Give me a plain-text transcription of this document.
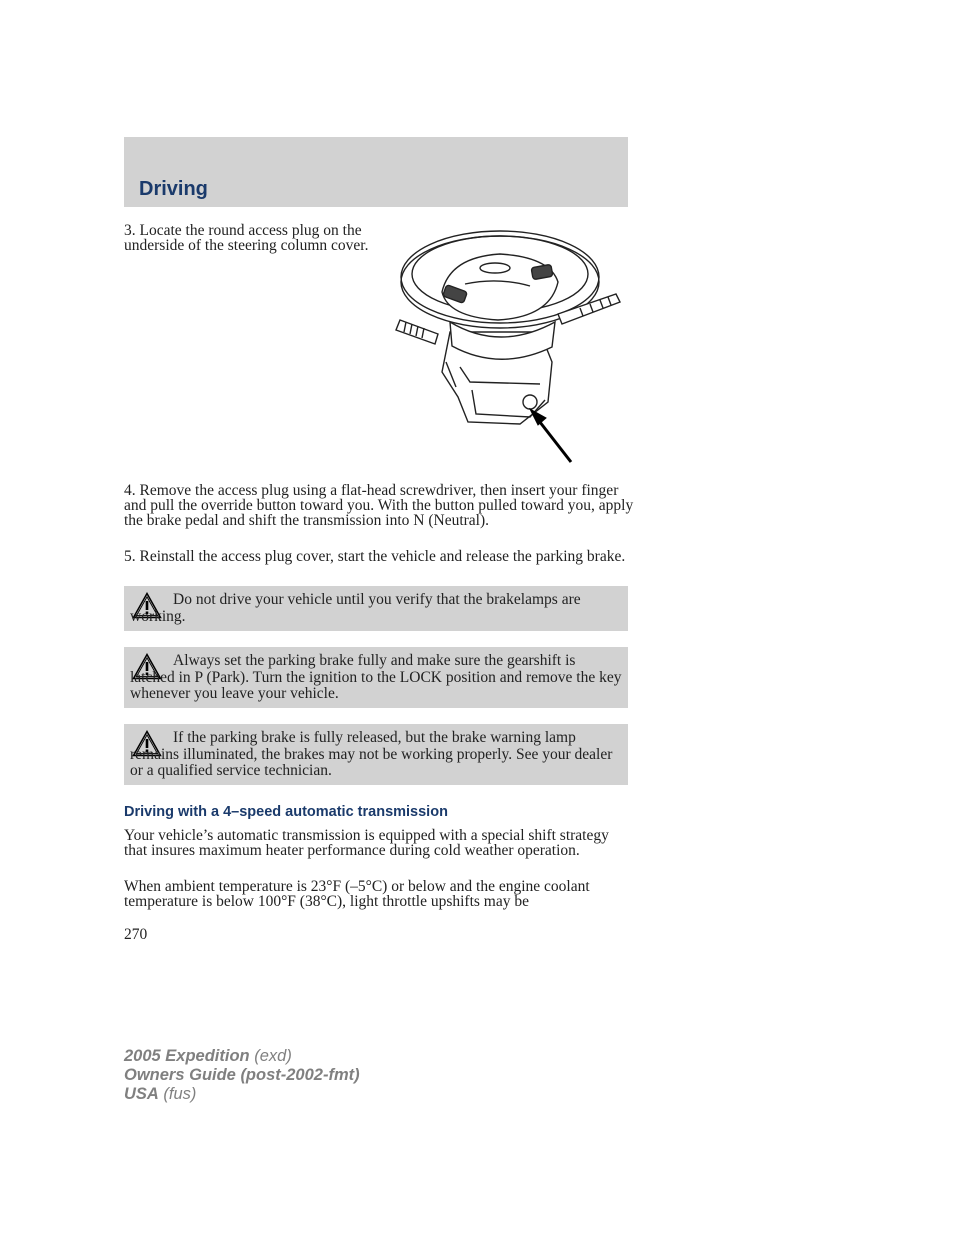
Driving
3. Locate the round access plug on the underside of the steering column cover.
4. Remove the access plug using a flat-head screwdriver, then insert your finger and pull the override button toward you. With the button pulled toward you, apply the brake pedal and shift the transmission into N (Neutral).
5. Reinstall the access plug cover, start the vehicle and release the parking brake.
Do not drive your vehicle until you verify that the brakelamps are working.
Always set the parking brake fully and make sure the gearshift is latched in P (Park). Turn the ignition to the LOCK position and remove the key whenever you leave your vehicle.
If the parking brake is fully released, but the brake warning lamp remains illuminated, the brakes may not be working properly. See your dealer or a qualified service technician.
Driving with a 4–speed automatic transmission
Your vehicle’s automatic transmission is equipped with a special shift strategy that insures maximum heater performance during cold weather operation.
When ambient temperature is 23°F (–5°C) or below and the engine coolant temperature is below 100°F (38°C), light throttle upshifts may be
270
2005 Expedition (exd)
Owners Guide (post-2002-fmt)
USA (fus)
